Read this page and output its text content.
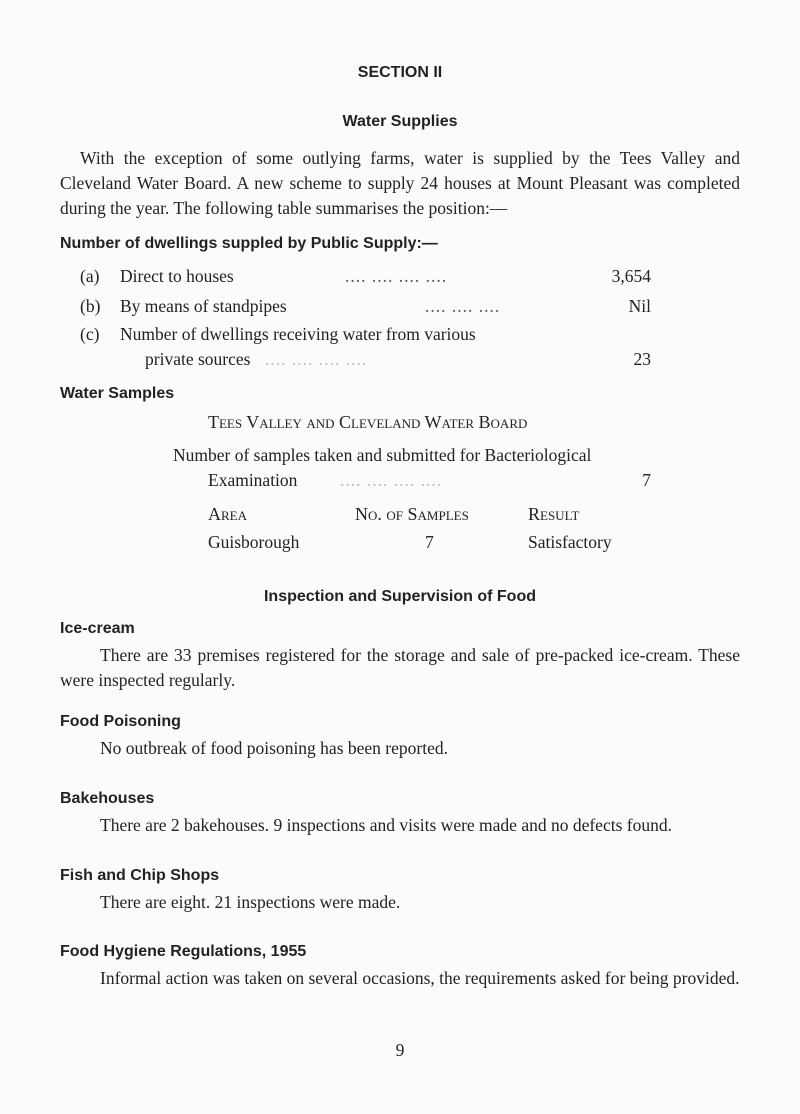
SECTION II
Water Supplies
With the exception of some outlying farms, water is supplied by the Tees Valley and Cleveland Water Board. A new scheme to supply 24 houses at Mount Pleasant was completed during the year. The following table summarises the position:—
Number of dwellings suppled by Public Supply:—
(a) Direct to houses	.... .... .... ....	3,654
(b) By means of standpipes	.... .... ....	Nil
(c) Number of dwellings receiving water from various
private sources .... .... .... ....	23
Water Samples
Tees Valley and Cleveland Water Board
Number of samples taken and submitted for Bacteriological
Examination .... .... .... ....	7
Area	No. of Samples	Result
Guisborough	7	Satisfactory
Inspection and Supervision of Food
Ice-cream
There are 33 premises registered for the storage and sale of pre-packed ice-cream. These were inspected regularly.
Food Poisoning
No outbreak of food poisoning has been reported.
Bakehouses
There are 2 bakehouses. 9 inspections and visits were made and no defects found.
Fish and Chip Shops
There are eight. 21 inspections were made.
Food Hygiene Regulations, 1955
Informal action was taken on several occasions, the requirements asked for being provided.
9
